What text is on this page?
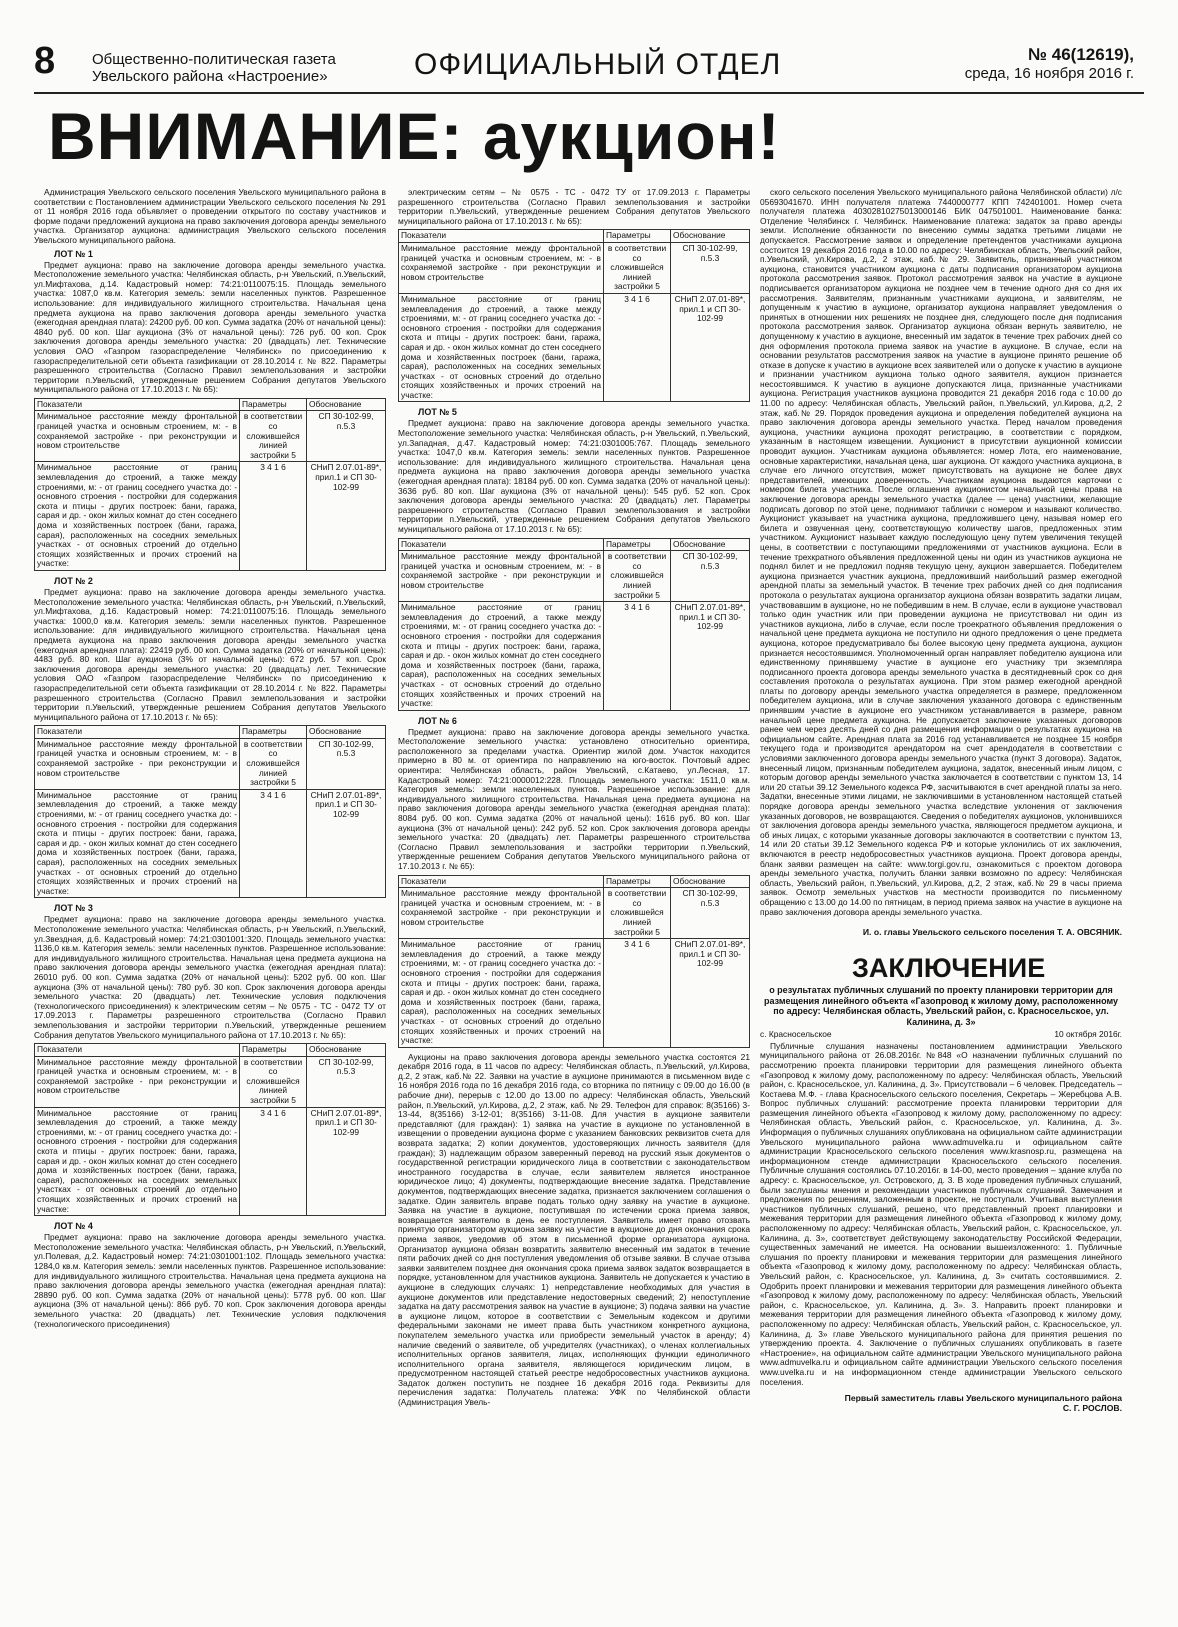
8 Общественно-политическая газета
Увельского района «Настроение»	ОФИЦИАЛЬНЫЙ ОТДЕЛ	№ 46(12619),
среда, 16 ноября 2016 г.
ВНИМАНИЕ: аукцион!

Администрация Увельского сельского поселения Увельского муниципального района в соответствии с Постановлением администрации Увельского сельского поселения № 291 от 11 ноября 2016 года объявляет о проведении открытого по составу участников и форме подачи предложений аукциона на право заключения договора аренды земельного участка. Организатор аукциона: администрация Увельского сельского поселения Увельского муниципального района.

ЛОТ № 1

Предмет аукциона: право на заключение договора аренды земельного участка. Местоположение земельного участка: Челябинская область, р-н Увельский, п.Увельский, ул.Мифтахова, д.14. Кадастровый номер: 74:21:0110075:15. Площадь земельного участка: 1087,0 кв.м. Категория земель: земли населенных пунктов. Разрешенное использование: для индивидуального жилищного строительства. Начальная цена предмета аукциона на право заключения договора аренды земельного участка (ежегодная арендная плата): 24200 руб. 00 коп. Сумма задатка (20% от начальной цены): 4840 руб. 00 коп. Шаг аукциона (3% от начальной цены): 726 руб. 00 коп. Срок заключения договора аренды земельного участка: 20 (двадцать) лет. Технические условия ОАО «Газпром газораспределение Челябинск» по присоединению к газораспределительной сети объекта газификации от 28.10.2014 г. № 822. Параметры разрешенного строительства (Согласно Правил землепользования и застройки территории п.Увельский, утвержденные решением Собрания депутатов Увельского муниципального района от 17.10.2013 г. № 65):

Показатели	Параметры	Обоснование
Минимальное расстояние между фронтальной границей участка и основным строением, м: - в сохраняемой застройке - при реконструкции и новом строительстве	в соответствии со сложившейся линией застройки 5	СП 30-102-99, п.5.3
Минимальное расстояние от границ землевладения до строений, а также между строениями, м: - от границ соседнего участка до: - основного строения - постройки для содержания скота и птицы - других построек: бани, гаража, сарая и др. - окон жилых комнат до стен соседнего дома и хозяйственных построек (бани, гаража, сарая), расположенных на соседних земельных участках - от основных строений до отдельно стоящих хозяйственных и прочих строений на участке:	3 4 1 6	СНиП 2.07.01-89*, прил.1 и СП 30-102-99
ЛОТ № 2

Предмет аукциона: право на заключение договора аренды земельного участка. Местоположение земельного участка: Челябинская область, р-н Увельский, п.Увельский, ул.Мифтахова, д.16. Кадастровый номер: 74:21:0110075:16. Площадь земельного участка: 1000,0 кв.м. Категория земель: земли населенных пунктов. Разрешенное использование: для индивидуального жилищного строительства. Начальная цена предмета аукциона на право заключения договора аренды земельного участка (ежегодная арендная плата): 22419 руб. 00 коп. Сумма задатка (20% от начальной цены): 4483 руб. 80 коп. Шаг аукциона (3% от начальной цены): 672 руб. 57 коп. Срок заключения договора аренды земельного участка: 20 (двадцать) лет. Технические условия ОАО «Газпром газораспределение Челябинск» по присоединению к газораспределительной сети объекта газификации от 28.10.2014 г. № 822. Параметры разрешенного строительства (Согласно Правил землепользования и застройки территории п.Увельский, утвержденные решением Собрания депутатов Увельского муниципального района от 17.10.2013 г. № 65):

Показатели	Параметры	Обоснование
Минимальное расстояние между фронтальной границей участка и основным строением, м: - в сохраняемой застройке - при реконструкции и новом строительстве	в соответствии со сложившейся линией застройки 5	СП 30-102-99, п.5.3
Минимальное расстояние от границ землевладения до строений, а также между строениями, м: - от границ соседнего участка до: - основного строения - постройки для содержания скота и птицы - других построек: бани, гаража, сарая и др. - окон жилых комнат до стен соседнего дома и хозяйственных построек (бани, гаража, сарая), расположенных на соседних земельных участках - от основных строений до отдельно стоящих хозяйственных и прочих строений на участке:	3 4 1 6	СНиП 2.07.01-89*, прил.1 и СП 30-102-99
ЛОТ № 3

Предмет аукциона: право на заключение договора аренды земельного участка. Местоположение земельного участка: Челябинская область, р-н Увельский, п.Увельский, ул.Звездная, д.6. Кадастровый номер: 74:21:0301001:320. Площадь земельного участка: 1136,0 кв.м. Категория земель: земли населенных пунктов. Разрешенное использование: для индивидуального жилищного строительства. Начальная цена предмета аукциона на право заключения договора аренды земельного участка (ежегодная арендная плата): 26010 руб. 00 коп. Сумма задатка (20% от начальной цены): 5202 руб. 00 коп. Шаг аукциона (3% от начальной цены): 780 руб. 30 коп. Срок заключения договора аренды земельного участка: 20 (двадцать) лет. Технические условия подключения (технологического присоединения) к электрическим сетям – № 0575 - ТС - 0472 ТУ от 17.09.2013 г. Параметры разрешенного строительства (Согласно Правил землепользования и застройки территории п.Увельский, утвержденные решением Собрания депутатов Увельского муниципального района от 17.10.2013 г. № 65):

Показатели	Параметры	Обоснование
Минимальное расстояние между фронтальной границей участка и основным строением, м: - в сохраняемой застройке - при реконструкции и новом строительстве	в соответствии со сложившейся линией застройки 5	СП 30-102-99, п.5.3
Минимальное расстояние от границ землевладения до строений, а также между строениями, м: - от границ соседнего участка до: - основного строения - постройки для содержания скота и птицы - других построек: бани, гаража, сарая и др. - окон жилых комнат до стен соседнего дома и хозяйственных построек (бани, гаража, сарая), расположенных на соседних земельных участках - от основных строений до отдельно стоящих хозяйственных и прочих строений на участке:	3 4 1 6	СНиП 2.07.01-89*, прил.1 и СП 30-102-99
ЛОТ № 4

Предмет аукциона: право на заключение договора аренды земельного участка. Местоположение земельного участка: Челябинская область, р-н Увельский, п.Увельский, ул.Полевая, д.2. Кадастровый номер: 74:21:0301001:102. Площадь земельного участка: 1284,0 кв.м. Категория земель: земли населенных пунктов. Разрешенное использование: для индивидуального жилищного строительства. Начальная цена предмета аукциона на право заключения договора аренды земельного участка (ежегодная арендная плата): 28890 руб. 00 коп. Сумма задатка (20% от начальной цены): 5778 руб. 00 коп. Шаг аукциона (3% от начальной цены): 866 руб. 70 коп. Срок заключения договора аренды земельного участка: 20 (двадцать) лет. Технические условия подключения (технологического присоединения)

электрическим сетям – № 0575 - ТС - 0472 ТУ от 17.09.2013 г. Параметры разрешенного строительства (Согласно Правил землепользования и застройки территории п.Увельский, утвержденные решением Собрания депутатов Увельского муниципального района от 17.10.2013 г. № 65):

Показатели	Параметры	Обоснование
Минимальное расстояние между фронтальной границей участка и основным строением, м: - в сохраняемой застройке - при реконструкции и новом строительстве	в соответствии со сложившейся линией застройки 5	СП 30-102-99, п.5.3
Минимальное расстояние от границ землевладения до строений, а также между строениями, м: - от границ соседнего участка до: - основного строения - постройки для содержания скота и птицы - других построек: бани, гаража, сарая и др. - окон жилых комнат до стен соседнего дома и хозяйственных построек (бани, гаража, сарая), расположенных на соседних земельных участках - от основных строений до отдельно стоящих хозяйственных и прочих строений на участке:	3 4 1 6	СНиП 2.07.01-89*, прил.1 и СП 30-102-99
ЛОТ № 5

Предмет аукциона: право на заключение договора аренды земельного участка. Местоположение земельного участка: Челябинская область, р-н Увельский, п.Увельский, ул.Западная, д.47. Кадастровый номер: 74:21:0301005:767. Площадь земельного участка: 1047,0 кв.м. Категория земель: земли населенных пунктов. Разрешенное использование: для индивидуального жилищного строительства. Начальная цена предмета аукциона на право заключения договора аренды земельного участка (ежегодная арендная плата): 18184 руб. 00 коп. Сумма задатка (20% от начальной цены): 3636 руб. 80 коп. Шаг аукциона (3% от начальной цены): 545 руб. 52 коп. Срок заключения договора аренды земельного участка: 20 (двадцать) лет. Параметры разрешенного строительства (Согласно Правил землепользования и застройки территории п.Увельский, утвержденные решением Собрания депутатов Увельского муниципального района от 17.10.2013 г. № 65):

Показатели	Параметры	Обоснование
Минимальное расстояние между фронтальной границей участка и основным строением, м: - в сохраняемой застройке - при реконструкции и новом строительстве	в соответствии со сложившейся линией застройки 5	СП 30-102-99, п.5.3
Минимальное расстояние от границ землевладения до строений, а также между строениями, м: - от границ соседнего участка до: - основного строения - постройки для содержания скота и птицы - других построек: бани, гаража, сарая и др. - окон жилых комнат до стен соседнего дома и хозяйственных построек (бани, гаража, сарая), расположенных на соседних земельных участках - от основных строений до отдельно стоящих хозяйственных и прочих строений на участке:	3 4 1 6	СНиП 2.07.01-89*, прил.1 и СП 30-102-99
ЛОТ № 6

Предмет аукциона: право на заключение договора аренды земельного участка. Местоположение земельного участка: установлено относительно ориентира, расположенного за пределами участка. Ориентир жилой дом. Участок находится примерно в 80 м. от ориентира по направлению на юго-восток. Почтовый адрес ориентира: Челябинская область, район Увельский, с.Катаево, ул.Лесная, 17. Кадастровый номер: 74:21:0000012:228. Площадь земельного участка: 1511,0 кв.м. Категория земель: земли населенных пунктов. Разрешенное использование: для индивидуального жилищного строительства. Начальная цена предмета аукциона на право заключения договора аренды земельного участка (ежегодная арендная плата): 8084 руб. 00 коп. Сумма задатка (20% от начальной цены): 1616 руб. 80 коп. Шаг аукциона (3% от начальной цены): 242 руб. 52 коп. Срок заключения договора аренды земельного участка: 20 (двадцать) лет. Параметры разрешенного строительства (Согласно Правил землепользования и застройки территории п.Увельский, утвержденные решением Собрания депутатов Увельского муниципального района от 17.10.2013 г. № 65):

Показатели	Параметры	Обоснование
Минимальное расстояние между фронтальной границей участка и основным строением, м: - в сохраняемой застройке - при реконструкции и новом строительстве	в соответствии со сложившейся линией застройки 5	СП 30-102-99, п.5.3
Минимальное расстояние от границ землевладения до строений, а также между строениями, м: - от границ соседнего участка до: - основного строения - постройки для содержания скота и птицы - других построек: бани, гаража, сарая и др. - окон жилых комнат до стен соседнего дома и хозяйственных построек (бани, гаража, сарая), расположенных на соседних земельных участках - от основных строений до отдельно стоящих хозяйственных и прочих строений на участке:	3 4 1 6	СНиП 2.07.01-89*, прил.1 и СП 30-102-99

Аукционы на право заключения договора аренды земельного участка состоятся 21 декабря 2016 года, в 11 часов по адресу: Челябинская область, п.Увельский, ул.Кирова, д.2, 2 этаж, каб.№ 22. Заявки на участие в аукционе принимаются в письменном виде с 16 ноября 2016 года по 16 декабря 2016 года, со вторника по пятницу с 09.00 до 16.00 (в рабочие дни), перерыв с 12.00 до 13.00 по адресу: Челябинская область, Увельский район, п.Увельский, ул.Кирова, д.2, 2 этаж, каб. № 29. Телефон для справок: 8(35166) 3-13-44, 8(35166) 3-12-01; 8(35166) 3-11-08. Для участия в аукционе заявители представляют (для граждан): 1) заявка на участие в аукционе по установленной в извещении о проведении аукциона форме с указанием банковских реквизитов счета для возврата задатка; 2) копии документов, удостоверяющих личность заявителя (для граждан); 3) надлежащим образом заверенный перевод на русский язык документов о государственной регистрации юридического лица в соответствии с законодательством иностранного государства в случае, если заявителем является иностранное юридическое лицо; 4) документы, подтверждающие внесение задатка. Представление документов, подтверждающих внесение задатка, признается заключением соглашения о задатке. Один заявитель вправе подать только одну заявку на участие в аукционе. Заявка на участие в аукционе, поступившая по истечении срока приема заявок, возвращается заявителю в день ее поступления. Заявитель имеет право отозвать принятую организатором аукциона заявку на участие в аукционе до дня окончания срока приема заявок, уведомив об этом в письменной форме организатора аукциона. Организатор аукциона обязан возвратить заявителю внесенный им задаток в течение пяти рабочих дней со дня поступления уведомления об отзыве заявки. В случае отзыва заявки заявителем позднее дня окончания срока приема заявок задаток возвращается в порядке, установленном для участников аукциона. Заявитель не допускается к участию в аукционе в следующих случаях: 1) непредставление необходимых для участия в аукционе документов или представление недостоверных сведений; 2) непоступление задатка на дату рассмотрения заявок на участие в аукционе; 3) подача заявки на участие в аукционе лицом, которое в соответствии с Земельным кодексом и другими федеральными законами не имеет права быть участником конкретного аукциона, покупателем земельного участка или приобрести земельный участок в аренду; 4) наличие сведений о заявителе, об учредителях (участниках), о членах коллегиальных исполнительных органов заявителя, лицах, исполняющих функции единоличного исполнительного органа заявителя, являющегося юридическим лицом, в предусмотренном настоящей статьей реестре недобросовестных участников аукциона. Задаток должен поступить не позднее 16 декабря 2016 года. Реквизиты для перечисления задатка: Получатель платежа: УФК по Челябинской области (Администрация Увель-

ского сельского поселения Увельского муниципального района Челябинской области) л/с 05693041670. ИНН получателя платежа 7440000777 КПП 742401001. Номер счета получателя платежа 40302810275013000146 БИК 047501001. Наименование банка: Отделение Челябинск г. Челябинск. Наименование платежа: задаток за право аренды земли. Исполнение обязанности по внесению суммы задатка третьими лицами не допускается. Рассмотрение заявок и определение претендентов участниками аукциона состоится 19 декабря 2016 года в 10.00 по адресу: Челябинская область, Увельский район, п.Увельский, ул.Кирова, д.2, 2 этаж, каб.№ 29. Заявитель, признанный участником аукциона, становится участником аукциона с даты подписания организатором аукциона протокола рассмотрения заявок. Протокол рассмотрения заявок на участие в аукционе подписывается организатором аукциона не позднее чем в течение одного дня со дня их рассмотрения. Заявителям, признанным участниками аукциона, и заявителям, не допущенным к участию в аукционе, организатор аукциона направляет уведомления о принятых в отношении них решениях не позднее дня, следующего после дня подписания протокола рассмотрения заявок. Организатор аукциона обязан вернуть заявителю, не допущенному к участию в аукционе, внесенный им задаток в течение трех рабочих дней со дня оформления протокола приема заявок на участие в аукционе. В случае, если на основании результатов рассмотрения заявок на участие в аукционе принято решение об отказе в допуске к участию в аукционе всех заявителей или о допуске к участию в аукционе и признании участником аукциона только одного заявителя, аукцион признается несостоявшимся. К участию в аукционе допускаются лица, признанные участниками аукциона. Регистрация участников аукциона проводится 21 декабря 2016 года с 10.00 до 11.00 по адресу: Челябинская область, Увельский район, п.Увельский, ул.Кирова, д.2, 2 этаж, каб.№ 29. Порядок проведения аукциона и определения победителей аукциона на право заключения договора аренды земельного участка. Перед началом проведения аукциона, участники аукциона проходят регистрацию, в соответствии с порядком, указанным в настоящем извещении. Аукционист в присутствии аукционной комиссии проводит аукцион. Участникам аукциона объявляется: номер Лота, его наименование, основные характеристики, начальная цена, шаг аукциона. От каждого участника аукциона, в случае его личного отсутствия, может присутствовать на аукционе не более двух представителей, имеющих доверенность. Участникам аукциона выдаются карточки с номером билета участника. После оглашения аукционистом начальной цены права на заключение договора аренды земельного участка (далее — цена) участники, желающие подписать договор по этой цене, поднимают таблички с номером и называют количество. Аукционист указывает на участника аукциона, предложившего цену, называя номер его билета и озвученная цену, соответствующую количеству шагов, предложенных этим участником. Аукционист называет каждую последующую цену путем увеличения текущей цены, в соответствии с поступающими предложениями от участников аукциона. Если в течение трехкратного объявления предложенной цены ни один из участников аукциона не поднял билет и не предложил подняв текущую цену, аукцион завершается. Победителем аукциона признается участник аукциона, предложивший наибольший размер ежегодной арендной платы за земельный участок. В течение трех рабочих дней со дня подписания протокола о результатах аукциона организатор аукциона обязан возвратить задатки лицам, участвовавшим в аукционе, но не победившим в нем. В случае, если в аукционе участвовал только один участник или при проведении аукциона не присутствовал ни один из участников аукциона, либо в случае, если после троекратного объявления предложения о начальной цене предмета аукциона не поступило ни одного предложения о цене предмета аукциона, которое предусматривало бы более высокую цену предмета аукциона, аукцион признается несостоявшимся. Уполномоченный орган направляет победителю аукциона или единственному принявшему участие в аукционе его участнику три экземпляра подписанного проекта договора аренды земельного участка в десятидневный срок со дня составления протокола о результатах аукциона. При этом размер ежегодной арендной платы по договору аренды земельного участка определяется в размере, предложенном победителем аукциона, или в случае заключения указанного договора с единственным принявшим участие в аукционе его участником устанавливается в размере, равном начальной цене предмета аукциона. Не допускается заключение указанных договоров ранее чем через десять дней со дня размещения информации о результатах аукциона на официальном сайте. Арендная плата за 2016 год устанавливается не позднее 15 ноября текущего года и производится арендатором на счет арендодателя в соответствии с условиями заключенного договора аренды земельного участка (пункт 3 договора). Задаток, внесенный лицом, признанным победителем аукциона, задаток, внесенный иным лицом, с которым договор аренды земельного участка заключается в соответствии с пунктом 13, 14 или 20 статьи 39.12 Земельного кодекса РФ, засчитываются в счет арендной платы за него. Задатки, внесенные этими лицами, не заключившими в установленном настоящей статьей порядке договора аренды земельного участка вследствие уклонения от заключения указанных договоров, не возвращаются. Сведения о победителях аукционов, уклонившихся от заключения договора аренды земельного участка, являющегося предметом аукциона, и об иных лицах, с которыми указанные договоры заключаются в соответствии с пунктом 13, 14 или 20 статьи 39.12 Земельного кодекса РФ и которые уклонились от их заключения, включаются в реестр недобросовестных участников аукциона. Проект договора аренды, бланк заявки размещен на сайте: www.torgi.gov.ru, ознакомиться с проектом договора аренды земельного участка, получить бланки заявки возможно по адресу: Челябинская область, Увельский район, п.Увельский, ул.Кирова, д.2, 2 этаж, каб.№ 29 в часы приема заявок. Осмотр земельных участков на местности производится по письменному обращению с 13.00 до 14.00 по пятницам, в период приема заявок на участие в аукционе на право заключения договора аренды земельного участка.

И. о. главы Увельского сельского поселения Т. А. ОВСЯНИК.
ЗАКЛЮЧЕНИЕ
о результатах публичных слушаний по проекту планировки территории для размещения линейного объекта «Газопровод к жилому дому, расположенному по адресу: Челябинская область, Увельский район, с. Красносельское, ул. Калинина, д. 3»
с. Красносельское	10 октября 2016г.

Публичные слушания назначены постановлением администрации Увельского муниципального района от 26.08.2016г. №848 «О назначении публичных слушаний по рассмотрению проекта планировки территории для размещения линейного объекта «Газопровод к жилому дому, расположенному по адресу: Челябинская область, Увельский район, с. Красносельское, ул. Калинина, д. 3». Присутствовали – 6 человек. Председатель – Костаева М.Ф. - глава Красносельского сельского поселения, Секретарь – Жеребцова А.В. Вопрос публичных слушаний: рассмотрение проекта планировки территории для размещения линейного объекта «Газопровод к жилому дому, расположенному по адресу: Челябинская область, Увельский район, с. Красносельское, ул. Калинина, д. 3». Информация о публичных слушаниях опубликована на официальном сайте администрации Увельского муниципального района www.admuvelka.ru и официальном сайте администрации Красносельского сельского поселения www.krasnosp.ru, размещена на информационном стенде администрации Красносельского сельского поселения. Публичные слушания состоялись 07.10.2016г. в 14-00, место проведения – здание клуба по адресу: с. Красносельское, ул. Островского, д. 3. В ходе проведения публичных слушаний, были заслушаны мнения и рекомендации участников публичных слушаний. Замечания и предложения по решениям, заложенным в проекте, не поступали. Учитывая выступления участников публичных слушаний, решено, что представленный проект планировки и межевания территории для размещения линейного объекта «Газопровод к жилому дому, расположенному по адресу: Челябинская область, Увельский район, с. Красносельское, ул. Калинина, д. 3», соответствует действующему законодательству Российской Федерации, существенных замечаний не имеется. На основании вышеизложенного: 1. Публичные слушания по проекту планировки и межевания территории для размещения линейного объекта «Газопровод к жилому дому, расположенному по адресу: Челябинская область, Увельский район, с. Красносельское, ул. Калинина, д. 3» считать состоявшимися. 2. Одобрить проект планировки и межевания территории для размещения линейного объекта «Газопровод к жилому дому, расположенному по адресу: Челябинская область, Увельский район, с. Красносельское, ул. Калинина, д. 3». 3. Направить проект планировки и межевания территории для размещения линейного объекта «Газопровод к жилому дому, расположенному по адресу: Челябинская область, Увельский район, с. Красносельское, ул. Калинина, д. 3» главе Увельского муниципального района для принятия решения по утверждению проекта. 4. Заключение о публичных слушаниях опубликовать в газете «Настроение», на официальном сайте администрации Увельского муниципального района www.admuvelka.ru и официальном сайте администрации Увельского сельского поселения www.uvelka.ru и на информационном стенде администрации Увельского сельского поселения.

Первый заместитель главы Увельского муниципального района
С. Г. РОСЛОВ.
